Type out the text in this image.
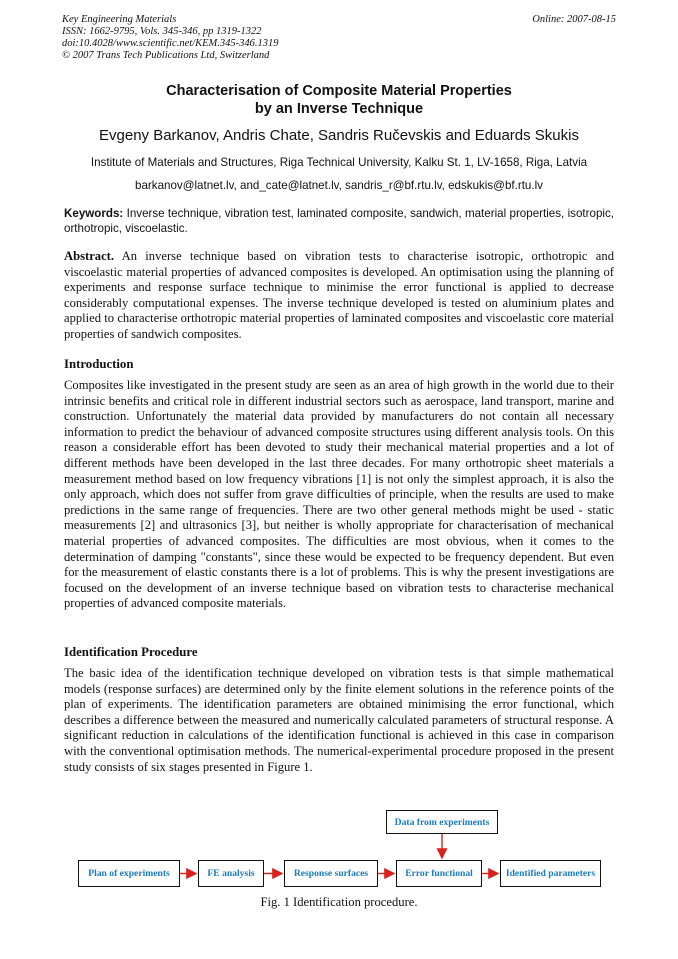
Key Engineering Materials
ISSN: 1662-9795, Vols. 345-346, pp 1319-1322
doi:10.4028/www.scientific.net/KEM.345-346.1319
© 2007 Trans Tech Publications Ltd, Switzerland
Online: 2007-08-15
Characterisation of Composite Material Properties
by an Inverse Technique
Evgeny Barkanov, Andris Chate, Sandris Ručevskis and Eduards Skukis
Institute of Materials and Structures, Riga Technical University, Kalku St. 1, LV-1658, Riga, Latvia
barkanov@latnet.lv, and_cate@latnet.lv, sandris_r@bf.rtu.lv, edskukis@bf.rtu.lv
Keywords: Inverse technique, vibration test, laminated composite, sandwich, material properties, isotropic, orthotropic, viscoelastic.
Abstract. An inverse technique based on vibration tests to characterise isotropic, orthotropic and viscoelastic material properties of advanced composites is developed. An optimisation using the planning of experiments and response surface technique to minimise the error functional is applied to decrease considerably computational expenses. The inverse technique developed is tested on aluminium plates and applied to characterise orthotropic material properties of laminated composites and viscoelastic core material properties of sandwich composites.
Introduction
Composites like investigated in the present study are seen as an area of high growth in the world due to their intrinsic benefits and critical role in different industrial sectors such as aerospace, land transport, marine and construction. Unfortunately the material data provided by manufacturers do not contain all necessary information to predict the behaviour of advanced composite structures using different analysis tools. On this reason a considerable effort has been devoted to study their mechanical material properties and a lot of different methods have been developed in the last three decades. For many orthotropic sheet materials a measurement method based on low frequency vibrations [1] is not only the simplest approach, it is also the only approach, which does not suffer from grave difficulties of principle, when the results are used to make predictions in the same range of frequencies. There are two other general methods might be used - static measurements [2] and ultrasonics [3], but neither is wholly appropriate for characterisation of mechanical material properties of advanced composites. The difficulties are most obvious, when it comes to the determination of damping "constants", since these would be expected to be frequency dependent. But even for the measurement of elastic constants there is a lot of problems. This is why the present investigations are focused on the development of an inverse technique based on vibration tests to characterise mechanical properties of advanced composite materials.
Identification Procedure
The basic idea of the identification technique developed on vibration tests is that simple mathematical models (response surfaces) are determined only by the finite element solutions in the reference points of the plan of experiments. The identification parameters are obtained minimising the error functional, which describes a difference between the measured and numerically calculated parameters of structural response. A significant reduction in calculations of the identification functional is achieved in this case in comparison with the conventional optimisation methods. The numerical-experimental procedure proposed in the present study consists of six stages presented in Figure 1.
Data from experiments
Plan of experiments	FE analysis	Response surfaces	Error functional	Identified parameters
Fig. 1 Identification procedure.
